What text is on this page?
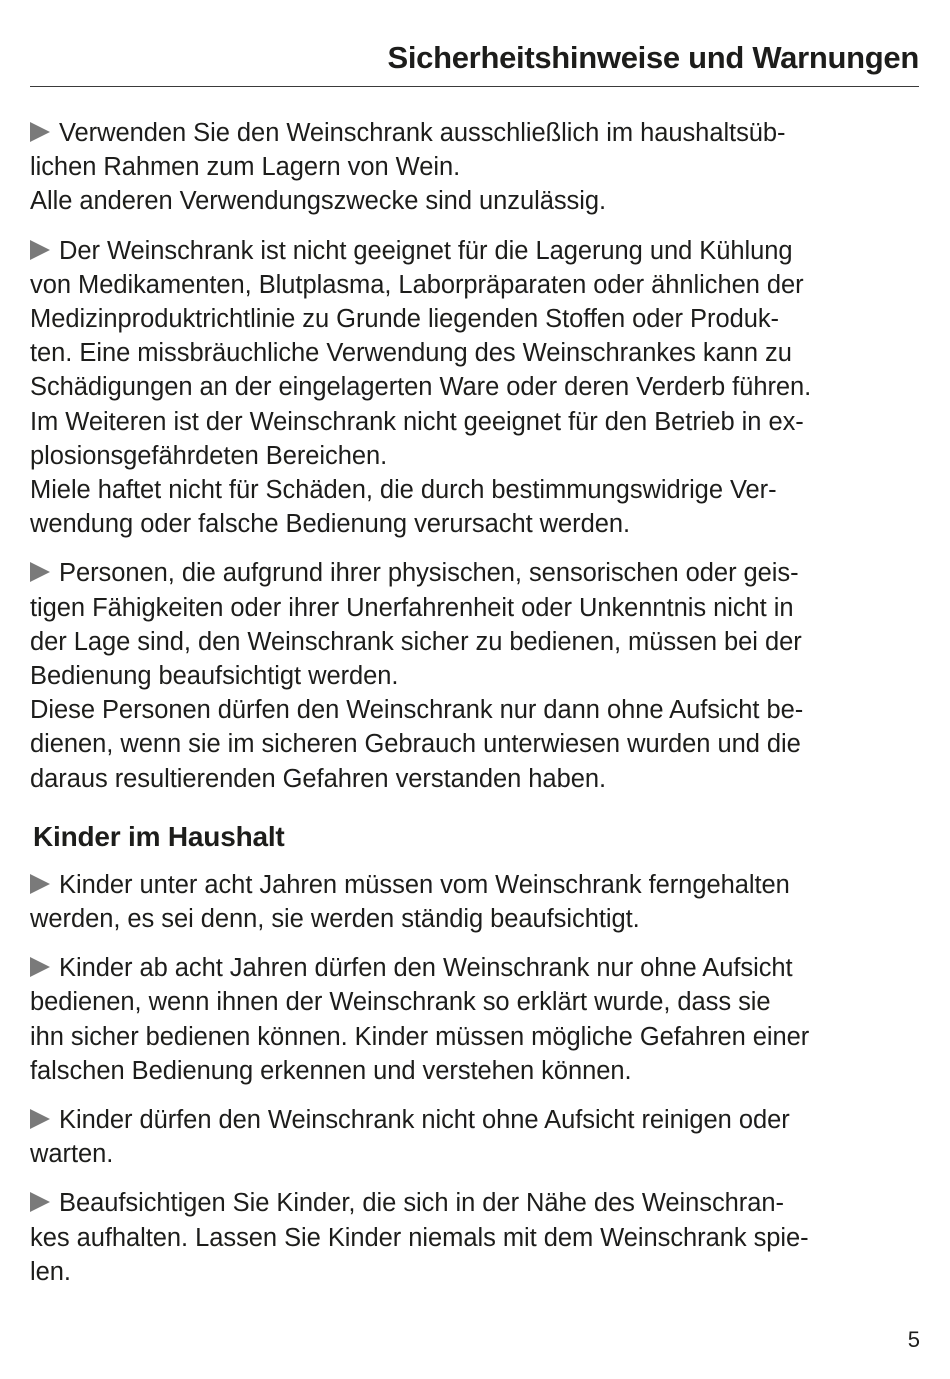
Sicherheitshinweise und Warnungen

Verwenden Sie den Weinschrank ausschließlich im haushaltsüb-
lichen Rahmen zum Lagern von Wein.
Alle anderen Verwendungszwecke sind unzulässig.

Der Weinschrank ist nicht geeignet für die Lagerung und Kühlung
von Medikamenten, Blutplasma, Laborpräparaten oder ähnlichen der
Medizinproduktrichtlinie zu Grunde liegenden Stoffen oder Produk-
ten. Eine missbräuchliche Verwendung des Weinschrankes kann zu
Schädigungen an der eingelagerten Ware oder deren Verderb führen.
Im Weiteren ist der Weinschrank nicht geeignet für den Betrieb in ex-
plosionsgefährdeten Bereichen.
Miele haftet nicht für Schäden, die durch bestimmungswidrige Ver-
wendung oder falsche Bedienung verursacht werden.

Personen, die aufgrund ihrer physischen, sensorischen oder geis-
tigen Fähigkeiten oder ihrer Unerfahrenheit oder Unkenntnis nicht in
der Lage sind, den Weinschrank sicher zu bedienen, müssen bei der
Bedienung beaufsichtigt werden.
Diese Personen dürfen den Weinschrank nur dann ohne Aufsicht be-
dienen, wenn sie im sicheren Gebrauch unterwiesen wurden und die
daraus resultierenden Gefahren verstanden haben.

Kinder im Haushalt

Kinder unter acht Jahren müssen vom Weinschrank ferngehalten
werden, es sei denn, sie werden ständig beaufsichtigt.

Kinder ab acht Jahren dürfen den Weinschrank nur ohne Aufsicht
bedienen, wenn ihnen der Weinschrank so erklärt wurde, dass sie
ihn sicher bedienen können. Kinder müssen mögliche Gefahren einer
falschen Bedienung erkennen und verstehen können.

Kinder dürfen den Weinschrank nicht ohne Aufsicht reinigen oder
warten.

Beaufsichtigen Sie Kinder, die sich in der Nähe des Weinschran-
kes aufhalten. Lassen Sie Kinder niemals mit dem Weinschrank spie-
len.

5
